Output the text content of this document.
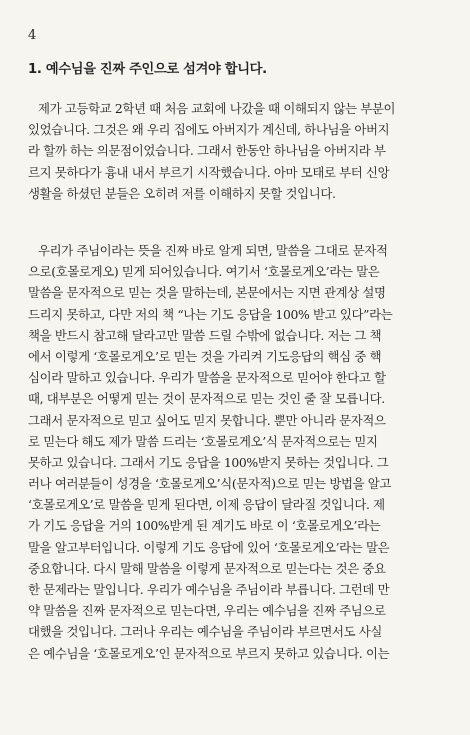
4
1. 예수님을 진짜 주인으로 섬겨야 합니다.
제가 고등학교 2학년 때 처음 교회에 나갔을 때 이해되지 않는 부분이
있었습니다. 그것은 왜 우리 집에도 아버지가 계신데, 하나님을 아버지
라 할까 하는 의문점이었습니다. 그래서 한동안 하나님을 아버지라 부
르지 못하다가 흉내 내서 부르기 시작했습니다. 아마 모태로 부터 신앙
생활을 하셨던 분들은 오히려 저를 이해하지 못할 것입니다.
우리가 주님이라는 뜻을 진짜 바로 알게 되면, 말씀을 그대로 문자적
으로(호몰로게오) 믿게 되어있습니다. 여기서 ‘호몰로게오’라는 말은
말씀을 문자적으로 믿는 것을 말하는데, 본문에서는 지면 관계상 설명
드리지 못하고, 다만 저의 책 “나는 기도 응답을 100% 받고 있다”라는
책을 반드시 참고해 달라고만 말씀 드릴 수밖에 없습니다. 저는 그 책
에서 이렇게 ‘호몰로게오’로 믿는 것을 가리켜 기도응답의 핵심 중 핵
심이라 말하고 있습니다. 우리가 말씀을 문자적으로 믿어야 한다고 할
때, 대부분은 어떻게 믿는 것이 문자적으로 믿는 것인 줄 잘 모릅니다.
그래서 문자적으로 믿고 싶어도 믿지 못합니다. 뿐만 아니라 문자적으
로 믿는다 해도 제가 말씀 드리는 ‘호몰로게오’식 문자적으로는 믿지
못하고 있습니다. 그래서 기도 응답을 100%받지 못하는 것입니다. 그
러나 여러분들이 성경을 ‘호몰로게오’식(문자적)으로 믿는 방법을 알고
‘호몰로게오’로 말씀을 믿게 된다면, 이제 응답이 달라질 것입니다. 제
가 기도 응답을 거의 100%받게 된 계기도 바로 이 ‘호몰로게오’라는
말을 알고부터입니다. 이렇게 기도 응답에 있어 ‘호몰로게오’라는 말은
중요합니다. 다시 말해 말씀을 이렇게 문자적으로 믿는다는 것은 중요
한 문제라는 말입니다. 우리가 예수님을 주님이라 부릅니다. 그런데 만
약 말씀을 진짜 문자적으로 믿는다면, 우리는 예수님을 진짜 주님으로
대했을 것입니다. 그러나 우리는 예수님을 주님이라 부르면서도 사실
은 예수님을 ‘호몰로게오’인 문자적으로 부르지 못하고 있습니다. 이는
